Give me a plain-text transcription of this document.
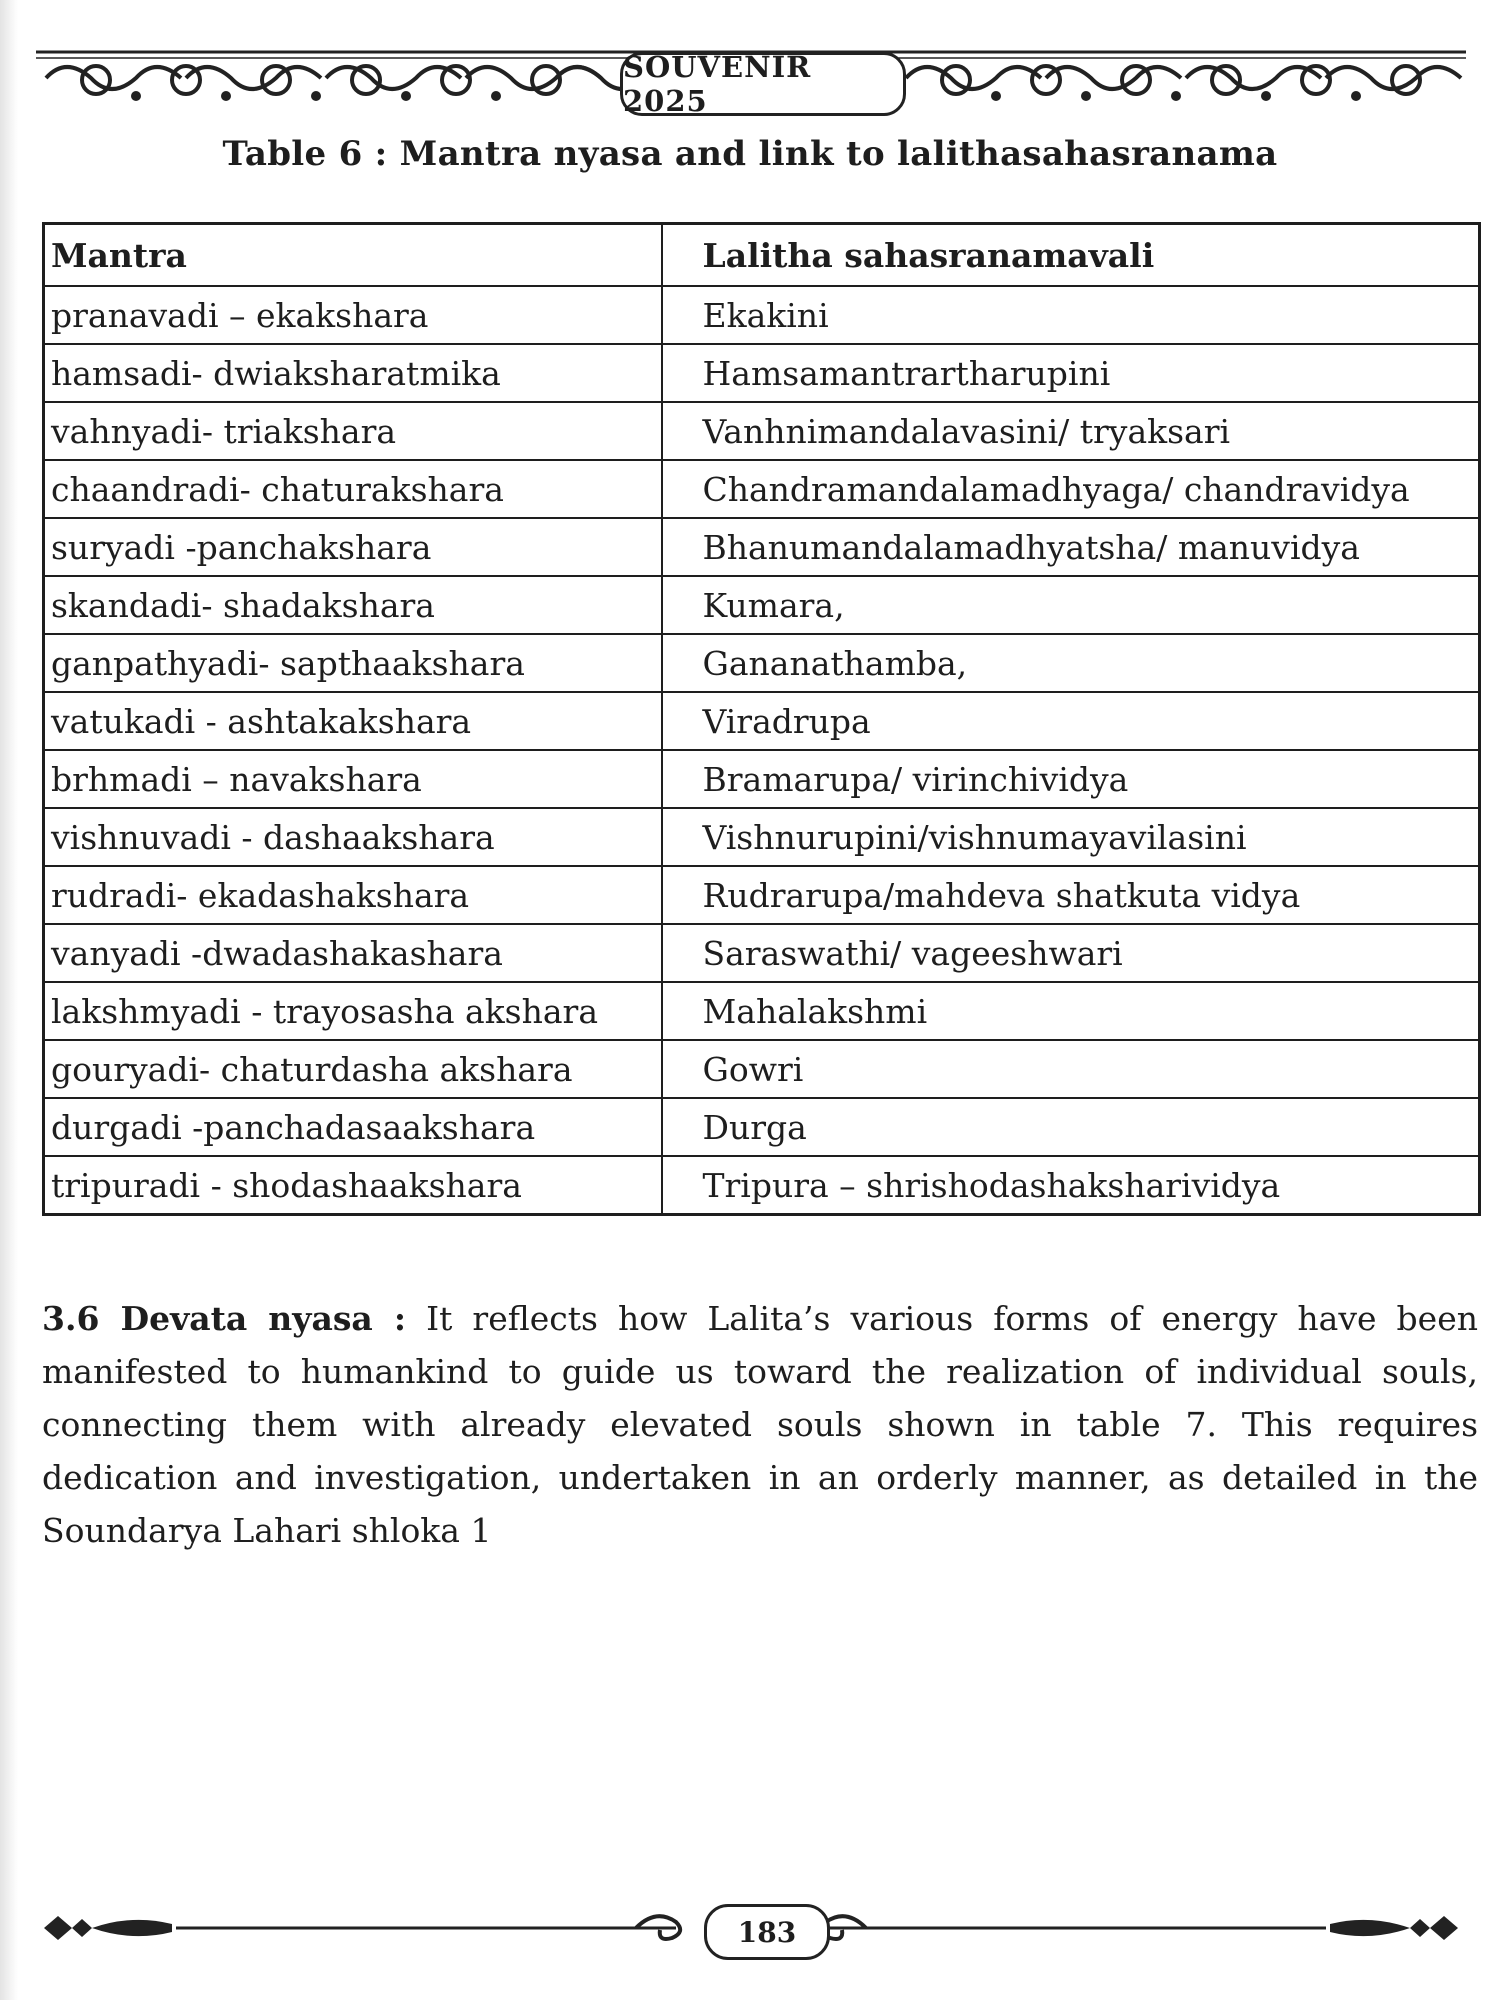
SOUVENIR 2025
Table 6 : Mantra nyasa and link to lalithasahasranama
Mantra	Lalitha sahasranamavali
pranavadi – ekakshara	Ekakini
hamsadi- dwiaksharatmika	Hamsamantrartharupini
vahnyadi- triakshara	Vanhnimandalavasini/ tryaksari
chaandradi- chaturakshara	Chandramandalamadhyaga/ chandravidya
suryadi -panchakshara	Bhanumandalamadhyatsha/ manuvidya
skandadi- shadakshara	Kumara,
ganpathyadi- sapthaakshara	Gananathamba,
vatukadi - ashtakakshara	Viradrupa
brhmadi – navakshara	Bramarupa/ virinchividya
vishnuvadi - dashaakshara	Vishnurupini/vishnumayavilasini
rudradi- ekadashakshara	Rudrarupa/mahdeva shatkuta vidya
vanyadi -dwadashakashara	Saraswathi/ vageeshwari
lakshmyadi - trayosasha akshara	Mahalakshmi
gouryadi- chaturdasha akshara	Gowri
durgadi -panchadasaakshara	Durga
tripuradi - shodashaakshara	Tripura – shrishodashaksharividya
3.6 Devata nyasa : It reflects how Lalita’s various forms of energy have been manifested to humankind to guide us toward the realization of individual souls, connecting them with already elevated souls shown in table 7. This requires dedication and investigation, undertaken in an orderly manner, as detailed in the Soundarya Lahari shloka 1
183
